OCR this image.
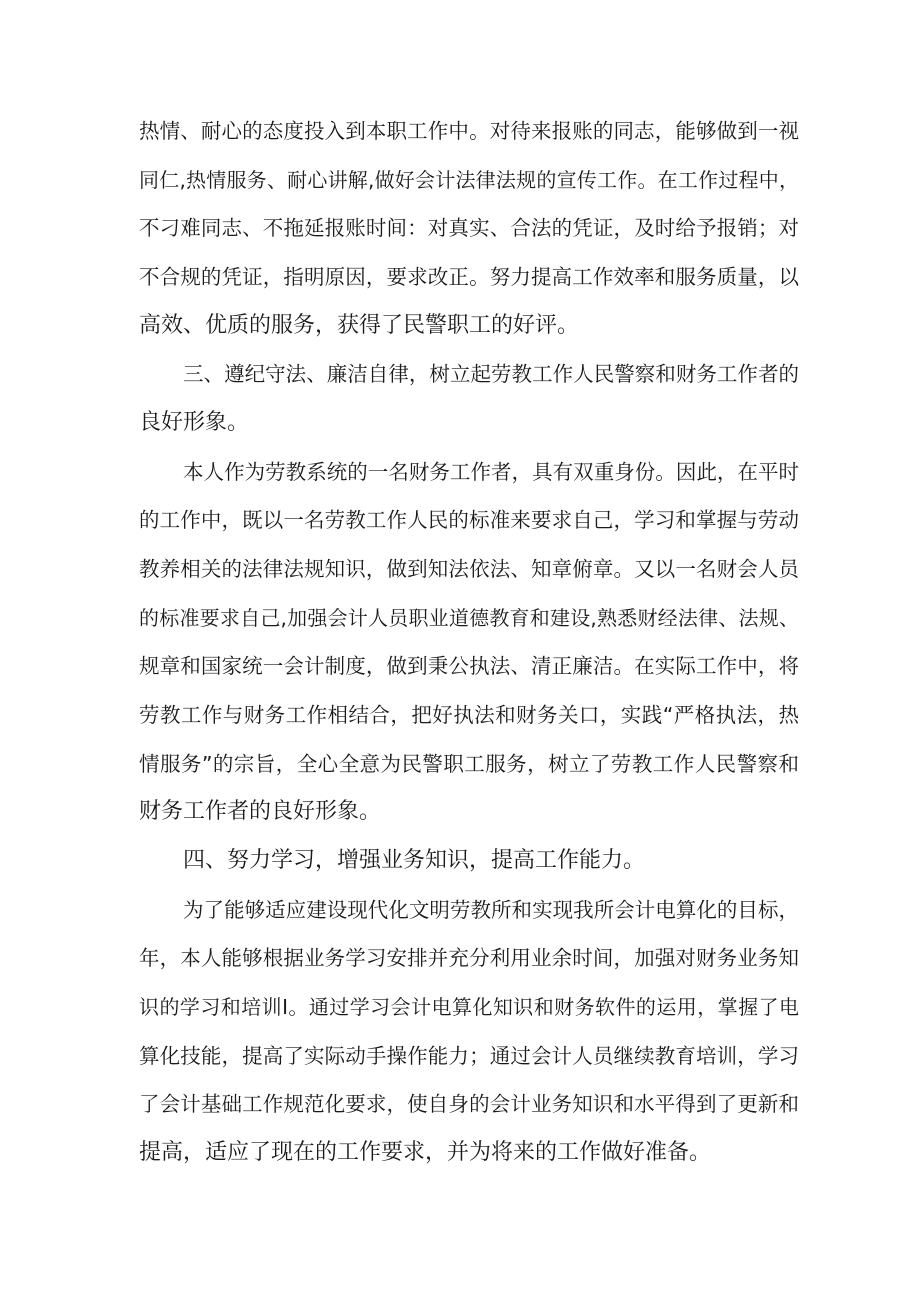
热情、耐心的态度投入到本职工作中。对待来报账的同志，能够做到一视
同仁,热情服务、耐心讲解,做好会计法律法规的宣传工作。在工作过程中，
不刁难同志、不拖延报账时间：对真实、合法的凭证，及时给予报销；对
不合规的凭证，指明原因，要求改正。努力提高工作效率和服务质量，以
高效、优质的服务，获得了民警职工的好评。
三、遵纪守法、廉洁自律，树立起劳教工作人民警察和财务工作者的
良好形象。
本人作为劳教系统的一名财务工作者，具有双重身份。因此，在平时
的工作中，既以一名劳教工作人民的标准来要求自己，学习和掌握与劳动
教养相关的法律法规知识，做到知法依法、知章俯章。又以一名财会人员
的标准要求自己,加强会计人员职业道德教育和建设,熟悉财经法律、法规、
规章和国家统一会计制度，做到秉公执法、清正廉洁。在实际工作中，将
劳教工作与财务工作相结合，把好执法和财务关口，实践“严格执法，热
情服务”的宗旨，全心全意为民警职工服务，树立了劳教工作人民警察和
财务工作者的良好形象。
四、努力学习，增强业务知识，提高工作能力。
为了能够适应建设现代化文明劳教所和实现我所会计电算化的目标，
年，本人能够根据业务学习安排并充分利用业余时间，加强对财务业务知
识的学习和培训Ⅰ。通过学习会计电算化知识和财务软件的运用，掌握了电
算化技能，提高了实际动手操作能力；通过会计人员继续教育培训，学习
了会计基础工作规范化要求，使自身的会计业务知识和水平得到了更新和
提高，适应了现在的工作要求，并为将来的工作做好准备。
